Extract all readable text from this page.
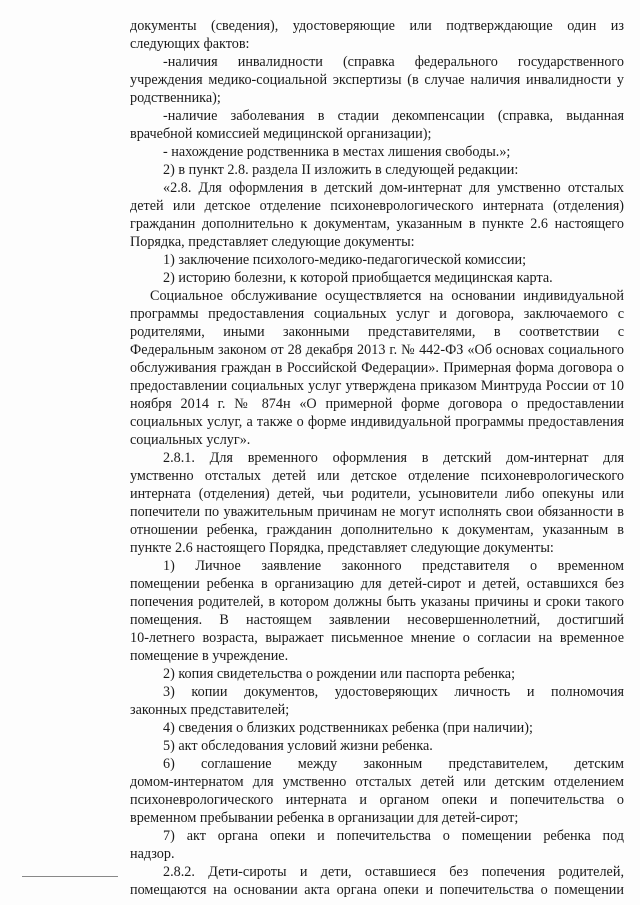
документы (сведения), удостоверяющие или подтверждающие один из
следующих фактов:
-наличия инвалидности (справка федерального государственного
учреждения медико-социальной экспертизы (в случае наличия инвалидности у
родственника);
-наличие заболевания в стадии декомпенсации (справка, выданная
врачебной комиссией медицинской организации);
- нахождение родственника в местах лишения свободы.»;
2) в пункт 2.8. раздела II изложить в следующей редакции:
«2.8. Для оформления в детский дом-интернат для умственно отсталых
детей или детское отделение психоневрологического интерната (отделения)
гражданин дополнительно к документам, указанным в пункте 2.6 настоящего
Порядка, представляет следующие документы:
1) заключение психолого-медико-педагогической комиссии;
2) историю болезни, к которой приобщается медицинская карта.
Социальное обслуживание осуществляется на основании индивидуальной
программы предоставления социальных услуг и договора, заключаемого с
родителями, иными законными представителями, в соответствии с
Федеральным законом от 28 декабря 2013 г. № 442-ФЗ «Об основах социального
обслуживания граждан в Российской Федерации». Примерная форма договора о
предоставлении социальных услуг утверждена приказом Минтруда России от 10
ноября 2014 г. № 874н «О примерной форме договора о предоставлении
социальных услуг, а также о форме индивидуальной программы предоставления
социальных услуг».
2.8.1. Для временного оформления в детский дом-интернат для
умственно отсталых детей или детское отделение психоневрологического
интерната (отделения) детей, чьи родители, усыновители либо опекуны или
попечители по уважительным причинам не могут исполнять свои обязанности в
отношении ребенка, гражданин дополнительно к документам, указанным в
пункте 2.6 настоящего Порядка, представляет следующие документы:
1) Личное заявление законного представителя о временном
помещении ребенка в организацию для детей-сирот и детей, оставшихся без
попечения родителей, в котором должны быть указаны причины и сроки такого
помещения. В настоящем заявлении несовершеннолетний, достигший
10-летнего возраста, выражает письменное мнение о согласии на временное
помещение в учреждение.
2) копия свидетельства о рождении или паспорта ребенка;
3) копии документов, удостоверяющих личность и полномочия
законных представителей;
4) сведения о близких родственниках ребенка (при наличии);
5) акт обследования условий жизни ребенка.
6) соглашение между законным представителем, детским
домом-интернатом для умственно отсталых детей или детским отделением
психоневрологического интерната и органом опеки и попечительства о
временном пребывании ребенка в организации для детей-сирот;
7) акт органа опеки и попечительства о помещении ребенка под
надзор.
2.8.2. Дети-сироты и дети, оставшиеся без попечения родителей,
помещаются на основании акта органа опеки и попечительства о помещении
